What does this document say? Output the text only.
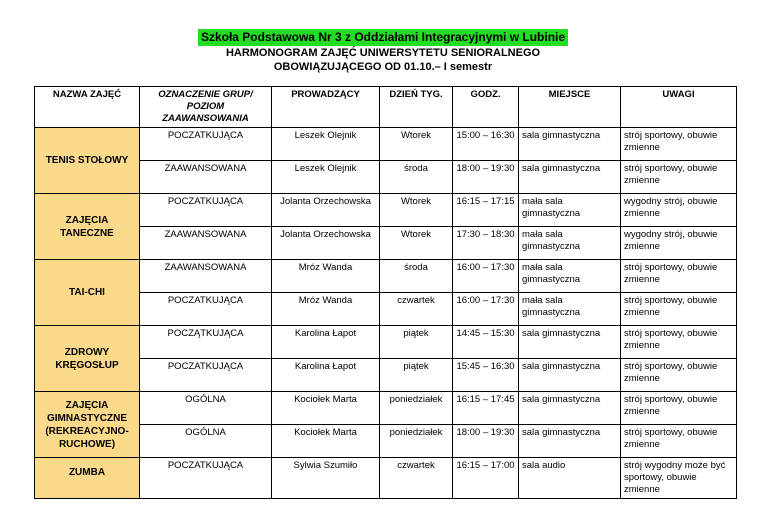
Szkoła Podstawowa Nr 3 z Oddziałami Integracyjnymi w Lubinie
HARMONOGRAM ZAJĘĆ UNIWERSYTETU SENIORALNEGO
OBOWIĄZUJĄCEGO OD 01.10.– I semestr
NAZWA ZAJĘĆ	OZNACZENIE GRUP/ POZIOM ZAAWANSOWANIA	PROWADZĄCY	DZIEŃ TYG.	GODZ.	MIEJSCE	UWAGI
TENIS STOŁOWY	POCZATKUJĄCA	Leszek Olejnik	Wtorek	15:00 – 16:30	sala gimnastyczna	strój sportowy, obuwie zmienne
	ZAAWANSOWANA	Leszek Olejnik	środa	18:00 – 19:30	sala gimnastyczna	strój sportowy, obuwie zmienne
ZAJĘCIA TANECZNE	POCZATKUJĄCA	Jolanta Orzechowska	Wtorek	16:15 – 17:15	mała sala gimnastyczna	wygodny strój, obuwie zmienne
	ZAAWANSOWANA	Jolanta Orzechowska	Wtorek	17:30 – 18:30	mała sala gimnastyczna	wygodny strój, obuwie zmienne
TAI-CHI	ZAAWANSOWANA	Mróz Wanda	środa	16:00 – 17:30	mała sala gimnastyczna	strój sportowy, obuwie zmienne
	POCZATKUJĄCA	Mróz Wanda	czwartek	16:00 – 17:30	mała sala gimnastyczna	strój sportowy, obuwie zmienne
ZDROWY KRĘGOSŁUP	POCZĄTKUJĄCA	Karolina Łapot	piątek	14:45 – 15:30	sala gimnastyczna	strój sportowy, obuwie zmienne
	POCZATKUJĄCA	Karolina Łapot	piątek	15:45 – 16:30	sala gimnastyczna	strój sportowy, obuwie zmienne
ZAJĘCIA GIMNASTYCZNE (REKREACYJNO-RUCHOWE)	OGÓLNA	Kociołek Marta	poniedziałek	16:15 – 17:45	sala gimnastyczna	strój sportowy, obuwie zmienne
	OGÓLNA	Kociołek Marta	poniedziałek	18:00 – 19:30	sala gimnastyczna	strój sportowy, obuwie zmienne
ZUMBA	POCZATKUJĄCA	Sylwia Szumiło	czwartek	16:15 – 17:00	sala audio	strój wygodny może być sportowy, obuwie zmienne
